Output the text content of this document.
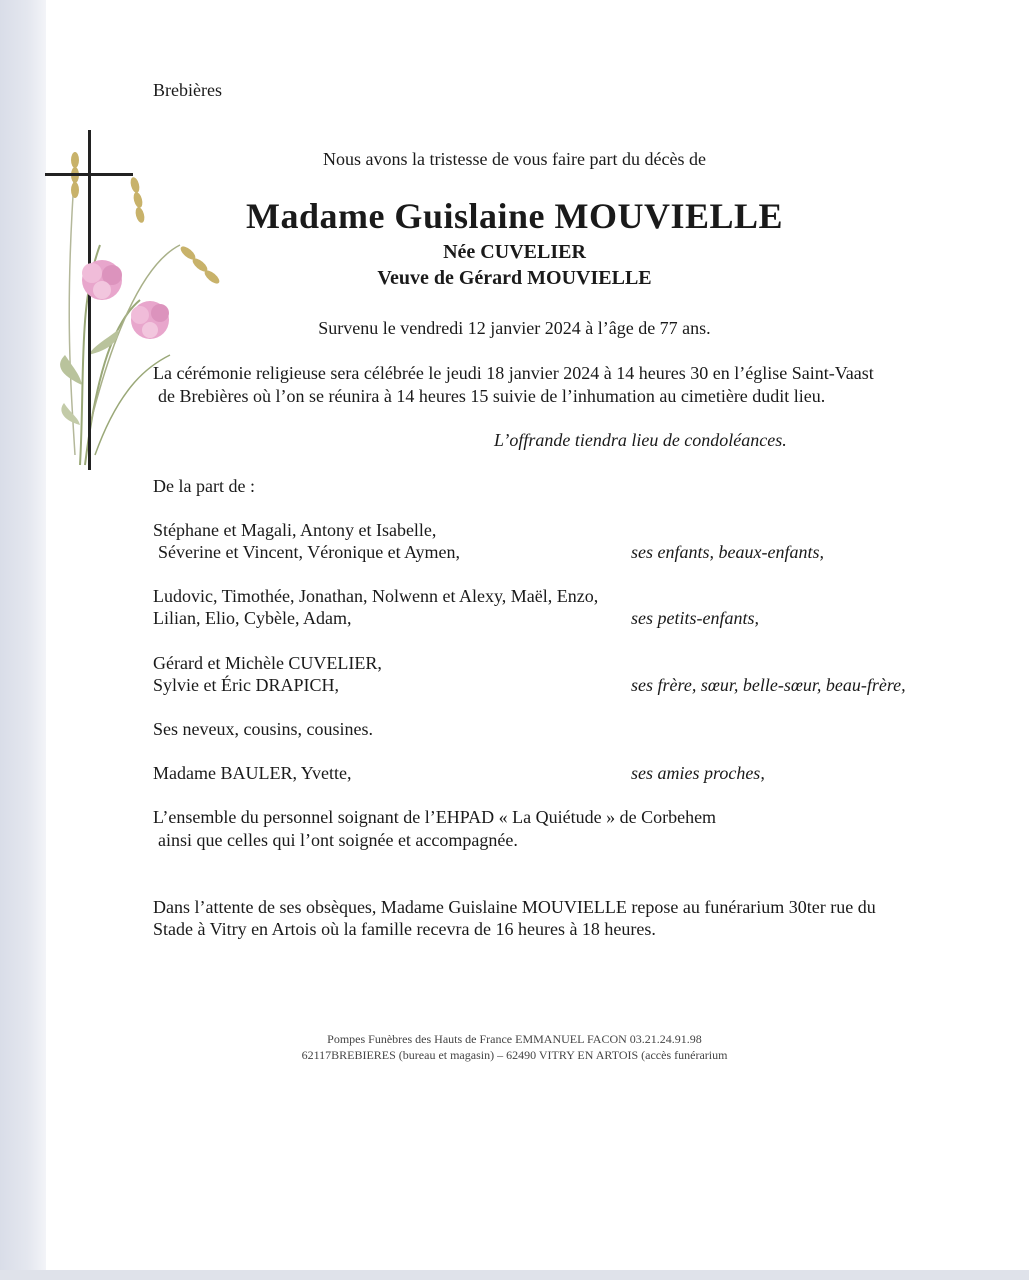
Brebières
Nous avons la tristesse de vous faire part du décès de
Madame Guislaine MOUVIELLE
Née CUVELIER
Veuve de Gérard MOUVIELLE
Survenu le vendredi 12 janvier 2024 à l’âge de 77 ans.
La cérémonie religieuse sera célébrée le jeudi 18 janvier 2024 à 14 heures 30 en l’église Saint-Vaast
de Brebières où l’on se réunira à 14 heures 15 suivie de l’inhumation au cimetière dudit lieu.
L’offrande tiendra lieu de condoléances.
De la part de :
Stéphane et Magali, Antony et Isabelle,
Séverine et Vincent, Véronique et Aymen,	ses enfants, beaux-enfants,
Ludovic, Timothée, Jonathan, Nolwenn et Alexy, Maël, Enzo,
Lilian, Elio, Cybèle, Adam,	ses petits-enfants,
Gérard et Michèle CUVELIER,
Sylvie et Éric DRAPICH,	ses frère, sœur, belle-sœur, beau-frère,
Ses neveux, cousins, cousines.
Madame BAULER, Yvette,	ses amies proches,
L’ensemble du personnel soignant de l’EHPAD « La Quiétude » de Corbehem
ainsi que celles qui l’ont soignée et accompagnée.
Dans l’attente de ses obsèques, Madame Guislaine MOUVIELLE repose au funérarium 30ter rue du
Stade à Vitry en Artois où la famille recevra de 16 heures à 18 heures.
Pompes Funèbres des Hauts de France EMMANUEL FACON 03.21.24.91.98
62117BREBIERES (bureau et magasin) – 62490 VITRY EN ARTOIS (accès funérarium
